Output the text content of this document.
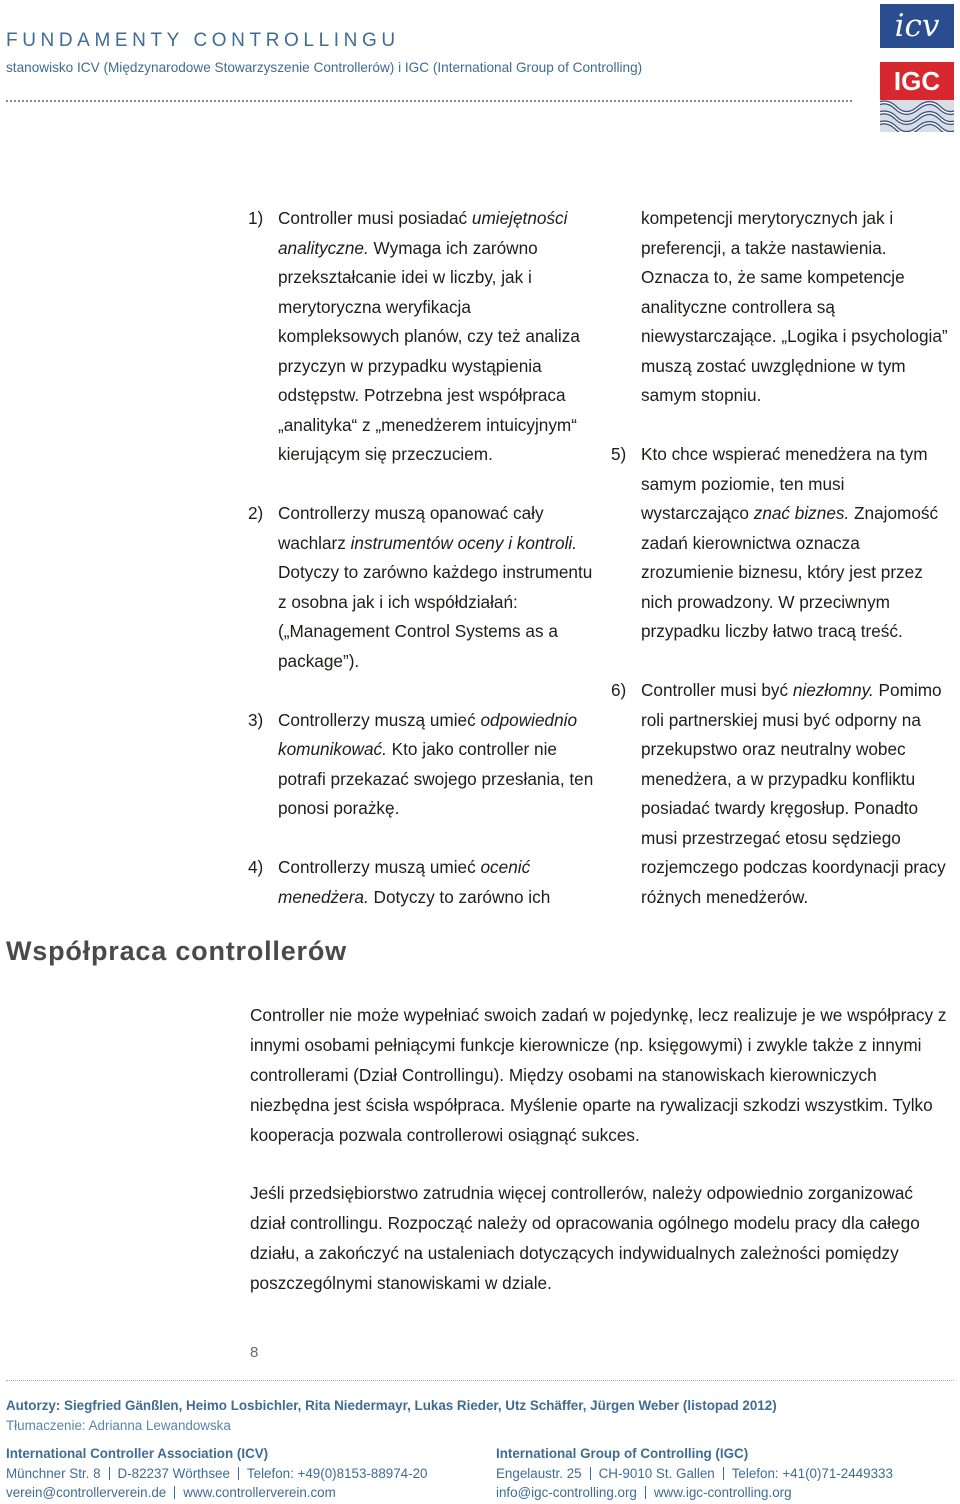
FUNDAMENTY CONTROLLINGU
stanowisko ICV (Międzynarodowe Stowarzyszenie Controllerów) i IGC (International Group of Controlling)
icv
IGC
1) Controller musi posiadać umiejętności analityczne. Wymaga ich zarówno przekształcanie idei w liczby, jak i merytoryczna weryfikacja kompleksowych planów, czy też analiza przyczyn w przypadku wystąpienia odstępstw. Potrzebna jest współpraca „analityka“ z „menedżerem intuicyjnym“ kierującym się przeczuciem.

2) Controllerzy muszą opanować cały wachlarz instrumentów oceny i kontroli. Dotyczy to zarówno każdego instrumentu z osobna jak i ich współdziałań: („Management Control Systems as a package”).

3) Controllerzy muszą umieć odpowiednio komunikować. Kto jako controller nie potrafi przekazać swojego przesłania, ten ponosi porażkę.

4) Controllerzy muszą umieć ocenić menedżera. Dotyczy to zarówno ich

kompetencji merytorycznych jak i preferencji, a także nastawienia. Oznacza to, że same kompetencje analityczne controllera są niewystarczające. „Logika i psychologia” muszą zostać uwzględnione w tym samym stopniu.

5) Kto chce wspierać menedżera na tym samym poziomie, ten musi wystarczająco znać biznes. Znajomość zadań kierownictwa oznacza zrozumienie biznesu, który jest przez nich prowadzony. W przeciwnym przypadku liczby łatwo tracą treść.

6) Controller musi być niezłomny. Pomimo roli partnerskiej musi być odporny na przekupstwo oraz neutralny wobec menedżera, a w przypadku konfliktu posiadać twardy kręgosłup. Ponadto musi przestrzegać etosu sędziego rozjemczego podczas koordynacji pracy różnych menedżerów.

Współpraca controllerów

Controller nie może wypełniać swoich zadań w pojedynkę, lecz realizuje je we współpracy z innymi osobami pełniącymi funkcje kierownicze (np. księgowymi) i zwykle także z innymi controllerami (Dział Controllingu). Między osobami na stanowiskach kierowniczych niezbędna jest ścisła współpraca. Myślenie oparte na rywalizacji szkodzi wszystkim. Tylko kooperacja pozwala controllerowi osiągnąć sukces.

Jeśli przedsiębiorstwo zatrudnia więcej controllerów, należy odpowiednio zorganizować dział controllingu. Rozpocząć należy od opracowania ogólnego modelu pracy dla całego działu, a zakończyć na ustaleniach dotyczących indywidualnych zależności pomiędzy poszczególnymi stanowiskami w dziale.

8
Autorzy: Siegfried Gänßlen, Heimo Losbichler, Rita Niedermayr, Lukas Rieder, Utz Schäffer, Jürgen Weber (listopad 2012)
Tłumaczenie: Adrianna Lewandowska
International Controller Association (ICV)
Münchner Str. 8 D-82237 Wörthsee Telefon: +49(0)8153-88974-20
verein@controllerverein.de www.controllerverein.com
International Group of Controlling (IGC)
Engelaustr. 25 CH-9010 St. Gallen Telefon: +41(0)71-2449333
info@igc-controlling.org www.igc-controlling.org
